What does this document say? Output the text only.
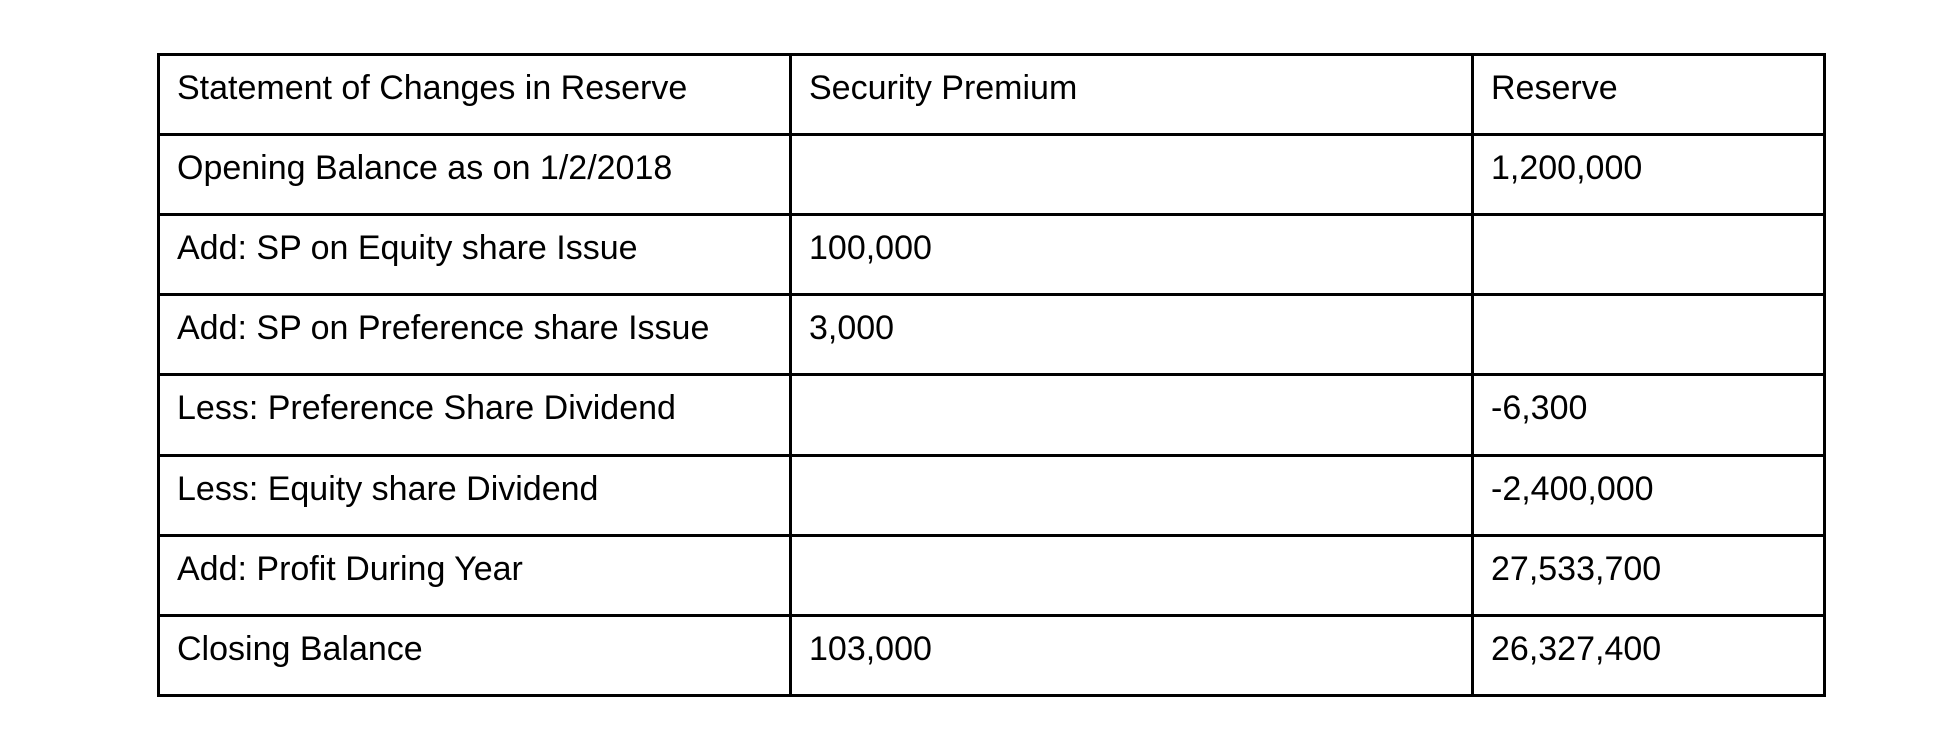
Statement of Changes in Reserve	Security Premium	Reserve
Opening Balance as on 1/2/2018		1,200,000
Add: SP on Equity share Issue	100,000	
Add: SP on Preference share Issue	3,000	
Less: Preference Share Dividend		-6,300
Less: Equity share Dividend		-2,400,000
Add: Profit During Year		27,533,700
Closing Balance	103,000	26,327,400
